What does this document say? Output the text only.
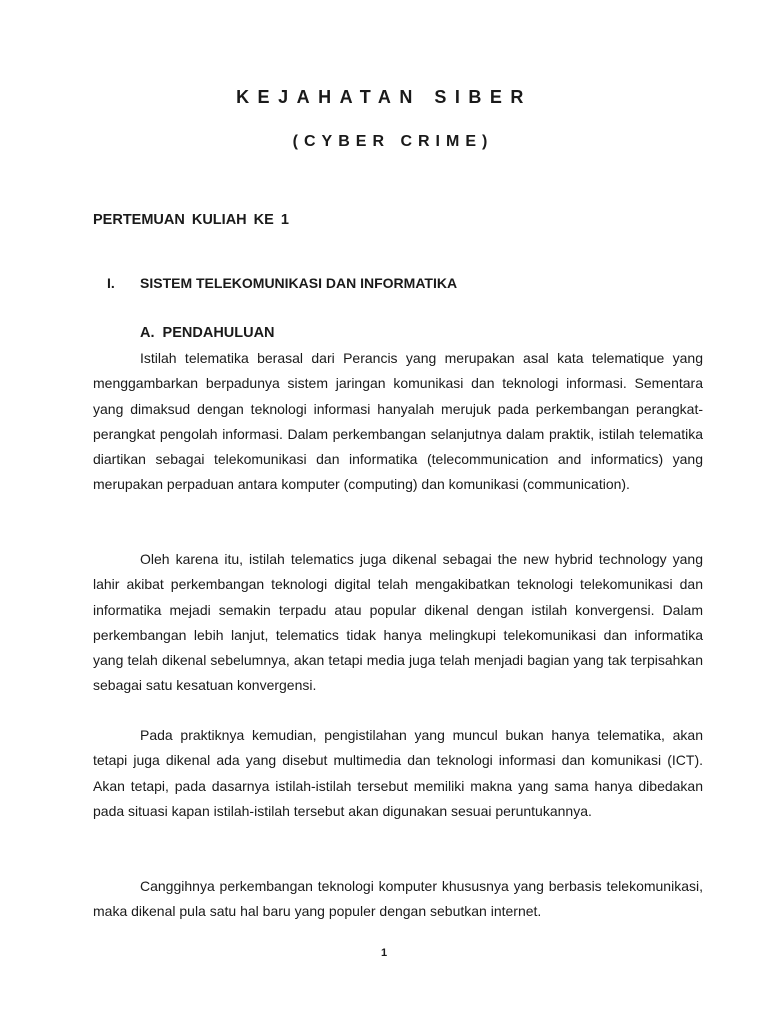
KEJAHATAN SIBER
(CYBER CRIME)
PERTEMUAN KULIAH KE 1
I. SISTEM TELEKOMUNIKASI DAN INFORMATIKA
A.  PENDAHULUAN

Istilah telematika berasal dari Perancis yang merupakan asal kata telematique yang menggambarkan berpadunya sistem jaringan komunikasi dan teknologi informasi. Sementara yang dimaksud dengan teknologi informasi hanyalah merujuk pada perkembangan perangkat-perangkat pengolah informasi. Dalam perkembangan selanjutnya dalam praktik, istilah telematika diartikan sebagai telekomunikasi dan informatika (telecommunication and informatics) yang merupakan perpaduan antara komputer (computing) dan komunikasi (communication).

Oleh karena itu, istilah telematics juga dikenal sebagai the new hybrid technology yang lahir akibat perkembangan teknologi digital telah mengakibatkan teknologi telekomunikasi dan informatika mejadi semakin terpadu atau popular dikenal dengan istilah konvergensi. Dalam perkembangan lebih lanjut, telematics tidak hanya melingkupi telekomunikasi dan informatika yang telah dikenal sebelumnya, akan tetapi media juga telah menjadi bagian yang tak terpisahkan sebagai satu kesatuan konvergensi.

Pada praktiknya kemudian, pengistilahan yang muncul bukan hanya telematika, akan tetapi juga dikenal ada yang disebut multimedia dan teknologi informasi dan komunikasi (ICT). Akan tetapi, pada dasarnya istilah-istilah tersebut memiliki makna yang sama hanya dibedakan pada situasi kapan istilah-istilah tersebut akan digunakan sesuai peruntukannya.

Canggihnya perkembangan teknologi komputer khususnya yang berbasis telekomunikasi, maka dikenal pula satu hal baru yang populer dengan sebutkan internet.

1
